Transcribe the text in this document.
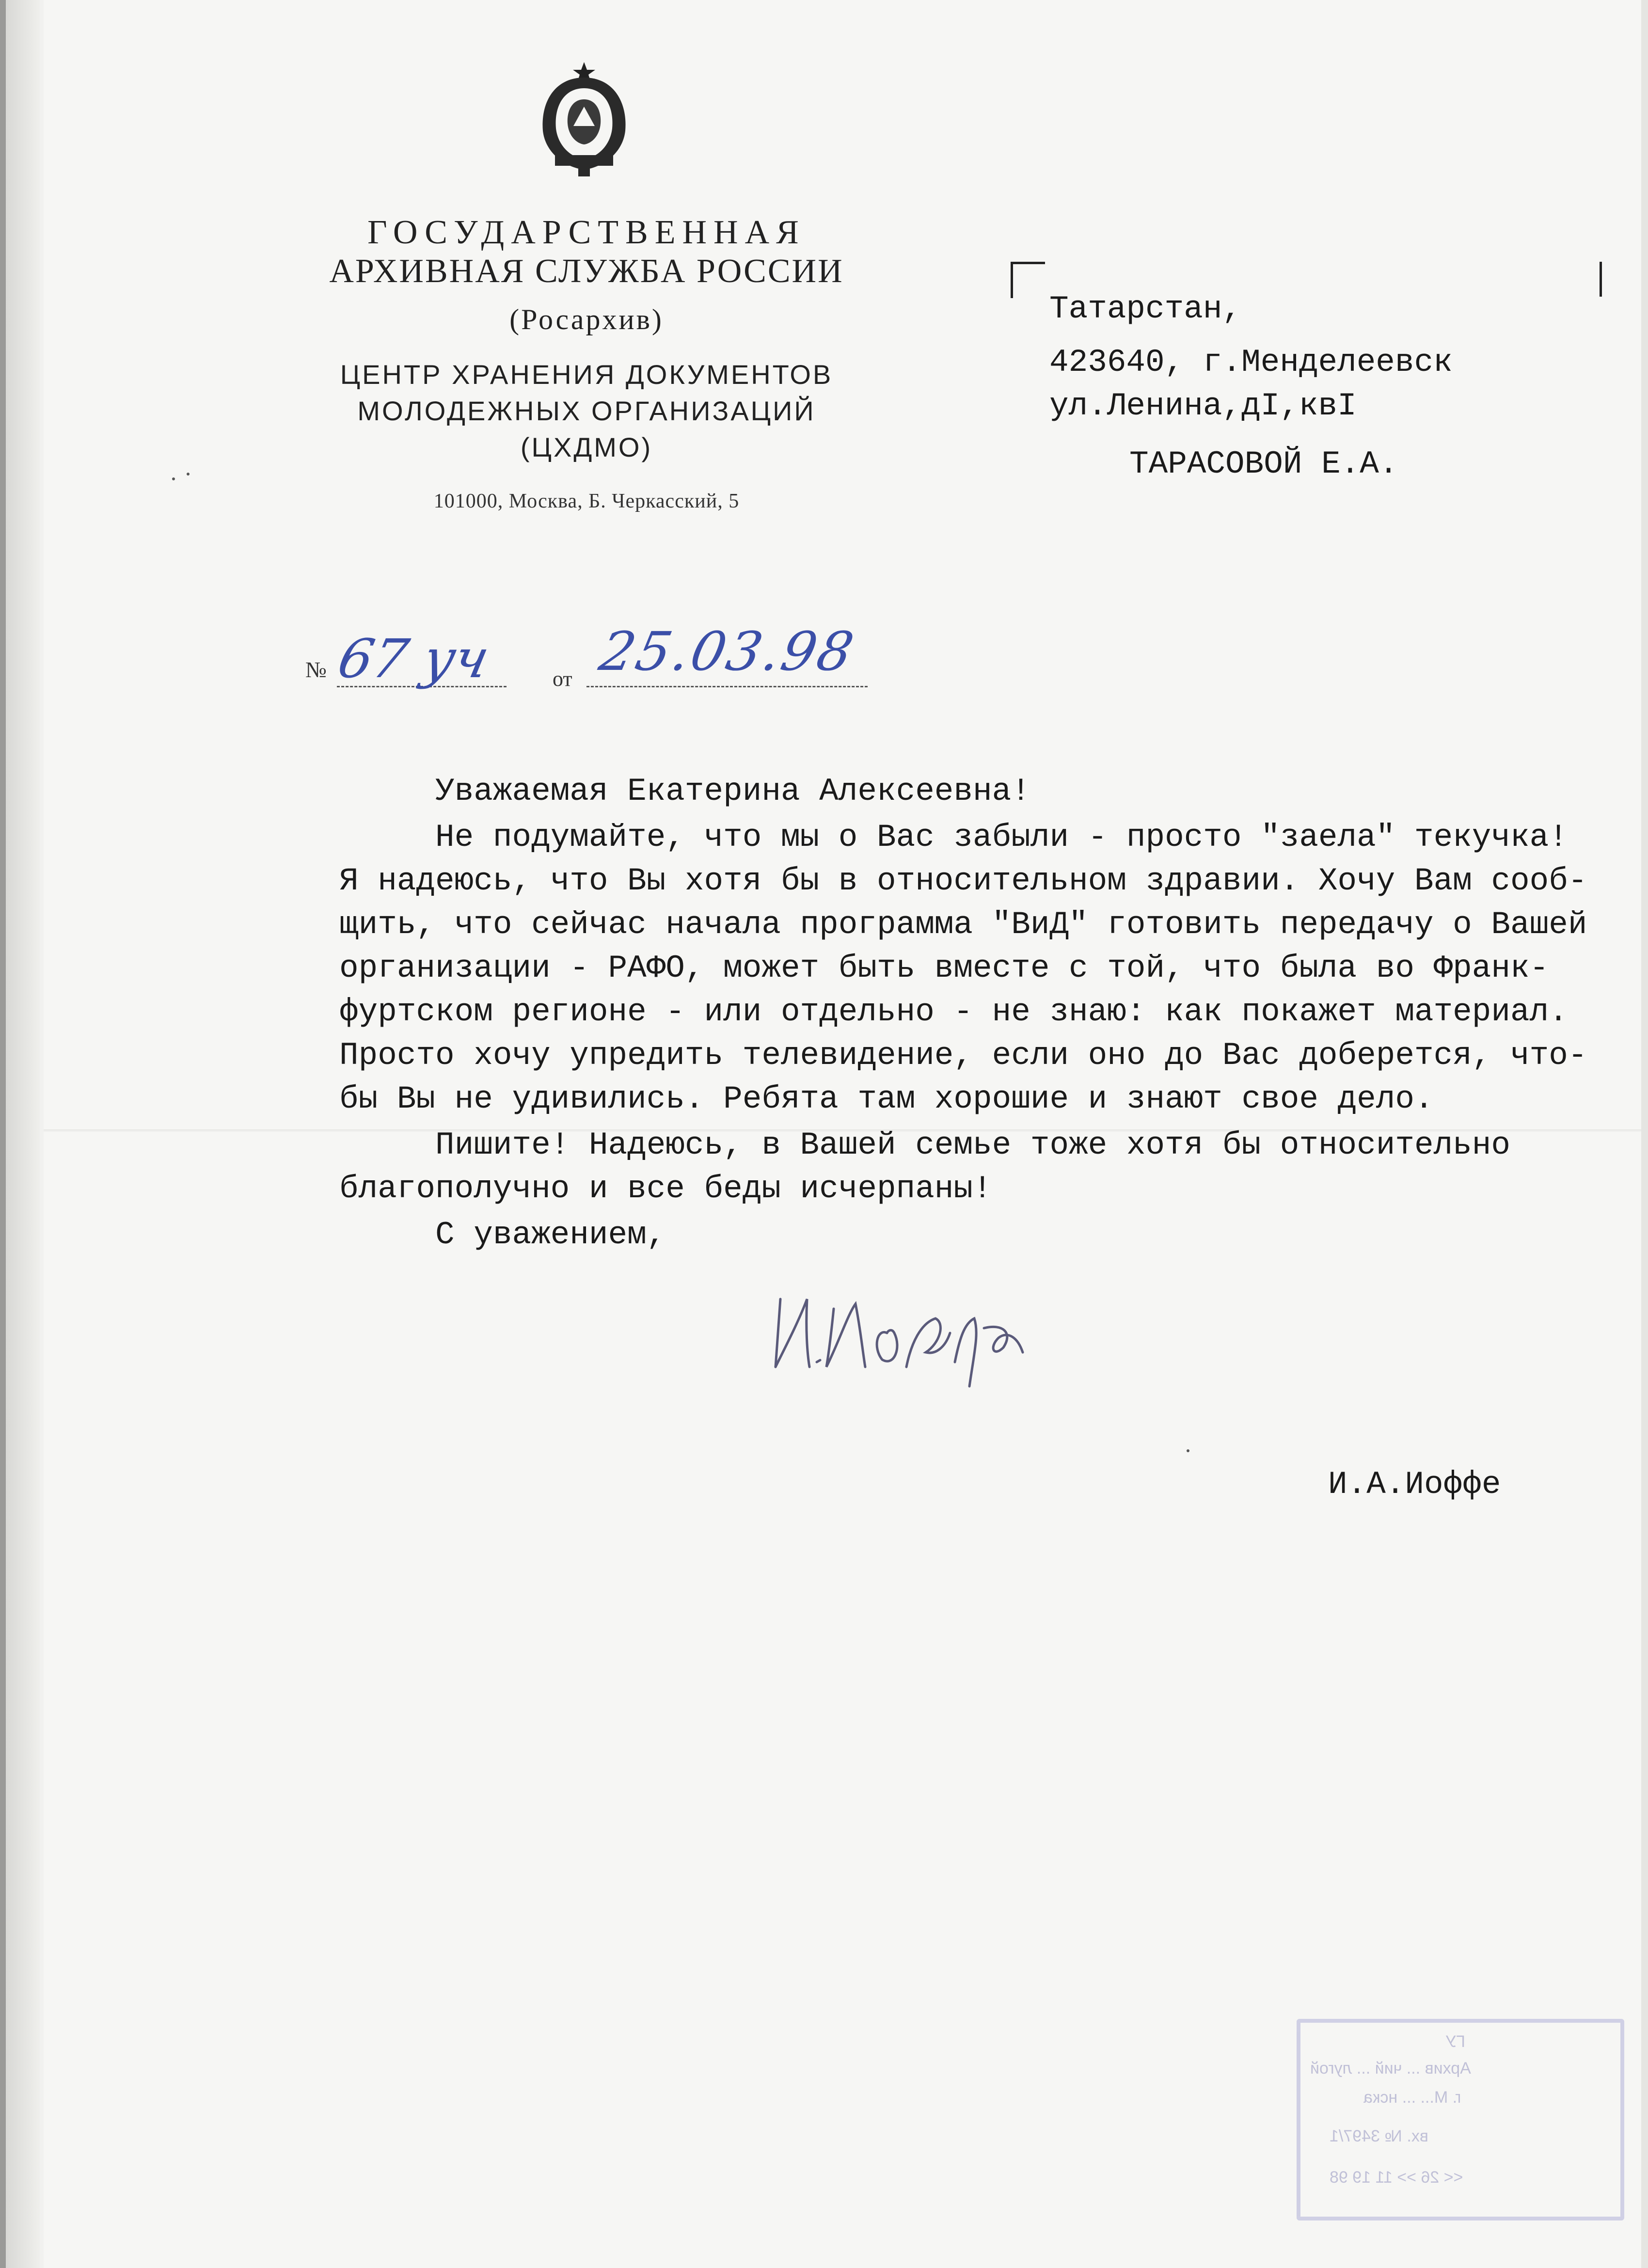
ГОСУДАРСТВЕННАЯ
АРХИВНАЯ СЛУЖБА РОССИИ
(Росархив)
ЦЕНТР ХРАНЕНИЯ ДОКУМЕНТОВ
МОЛОДЕЖНЫХ ОРГАНИЗАЦИЙ
(ЦХДМО)
101000, Москва, Б. Черкасский, 5
Татарстан,
423640, г.Менделеевск
ул.Ленина,дI,квI
ТАРАСОВОЙ Е.А.
№ 67 уч	от 25.03.98
Уважаемая Екатерина Алексеевна!
Не подумайте, что мы о Вас забыли - просто "заела" текучка!
Я надеюсь, что Вы хотя бы в относительном здравии. Хочу Вам сооб-
щить, что сейчас начала программа "ВиД" готовить передачу о Вашей
организации - РАФО, может быть вместе с той, что была во Франк-
фуртском регионе - или отдельно - не знаю: как покажет материал.
Просто хочу упредить телевидение, если оно до Вас доберется, что-
бы Вы не удивились. Ребята там хорошие и знают свое дело.
Пишите! Надеюсь, в Вашей семье тоже хотя бы относительно
благополучно и все беды исчерпаны!
С уважением,
И.А.Иоффе
ГУ
Архив ... чий ... лугой
г. М... ... нска
вх. № 3497/1
<< 26 >> 11 19 98
